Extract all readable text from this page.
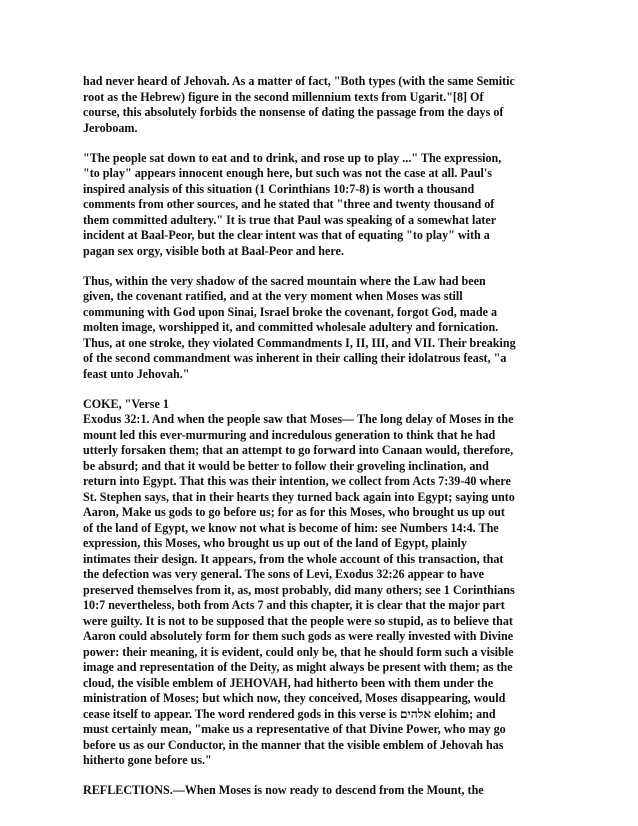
had never heard of Jehovah. As a matter of fact, "Both types (with the same Semitic
root as the Hebrew) figure in the second millennium texts from Ugarit."[8] Of
course, this absolutely forbids the nonsense of dating the passage from the days of
Jeroboam.

"The people sat down to eat and to drink, and rose up to play ..." The expression,
"to play" appears innocent enough here, but such was not the case at all. Paul's
inspired analysis of this situation (1 Corinthians 10:7-8) is worth a thousand
comments from other sources, and he stated that "three and twenty thousand of
them committed adultery." It is true that Paul was speaking of a somewhat later
incident at Baal-Peor, but the clear intent was that of equating "to play" with a
pagan sex orgy, visible both at Baal-Peor and here.

Thus, within the very shadow of the sacred mountain where the Law had been
given, the covenant ratified, and at the very moment when Moses was still
communing with God upon Sinai, Israel broke the covenant, forgot God, made a
molten image, worshipped it, and committed wholesale adultery and fornication.
Thus, at one stroke, they violated Commandments I, II, III, and VII. Their breaking
of the second commandment was inherent in their calling their idolatrous feast, "a
feast unto Jehovah."

COKE, "Verse 1
Exodus 32:1. And when the people saw that Moses— The long delay of Moses in the
mount led this ever-murmuring and incredulous generation to think that he had
utterly forsaken them; that an attempt to go forward into Canaan would, therefore,
be absurd; and that it would be better to follow their groveling inclination, and
return into Egypt. That this was their intention, we collect from Acts 7:39-40 where
St. Stephen says, that in their hearts they turned back again into Egypt; saying unto
Aaron, Make us gods to go before us; for as for this Moses, who brought us up out
of the land of Egypt, we know not what is become of him: see Numbers 14:4. The
expression, this Moses, who brought us up out of the land of Egypt, plainly
intimates their design. It appears, from the whole account of this transaction, that
the defection was very general. The sons of Levi, Exodus 32:26 appear to have
preserved themselves from it, as, most probably, did many others; see 1 Corinthians
10:7 nevertheless, both from Acts 7 and this chapter, it is clear that the major part
were guilty. It is not to be supposed that the people were so stupid, as to believe that
Aaron could absolutely form for them such gods as were really invested with Divine
power: their meaning, it is evident, could only be, that he should form such a visible
image and representation of the Deity, as might always be present with them; as the
cloud, the visible emblem of JEHOVAH, had hitherto been with them under the
ministration of Moses; but which now, they conceived, Moses disappearing, would
cease itself to appear. The word rendered gods in this verse is אלהים elohim; and
must certainly mean, "make us a representative of that Divine Power, who may go
before us as our Conductor, in the manner that the visible emblem of Jehovah has
hitherto gone before us."

REFLECTIONS.—When Moses is now ready to descend from the Mount, the
